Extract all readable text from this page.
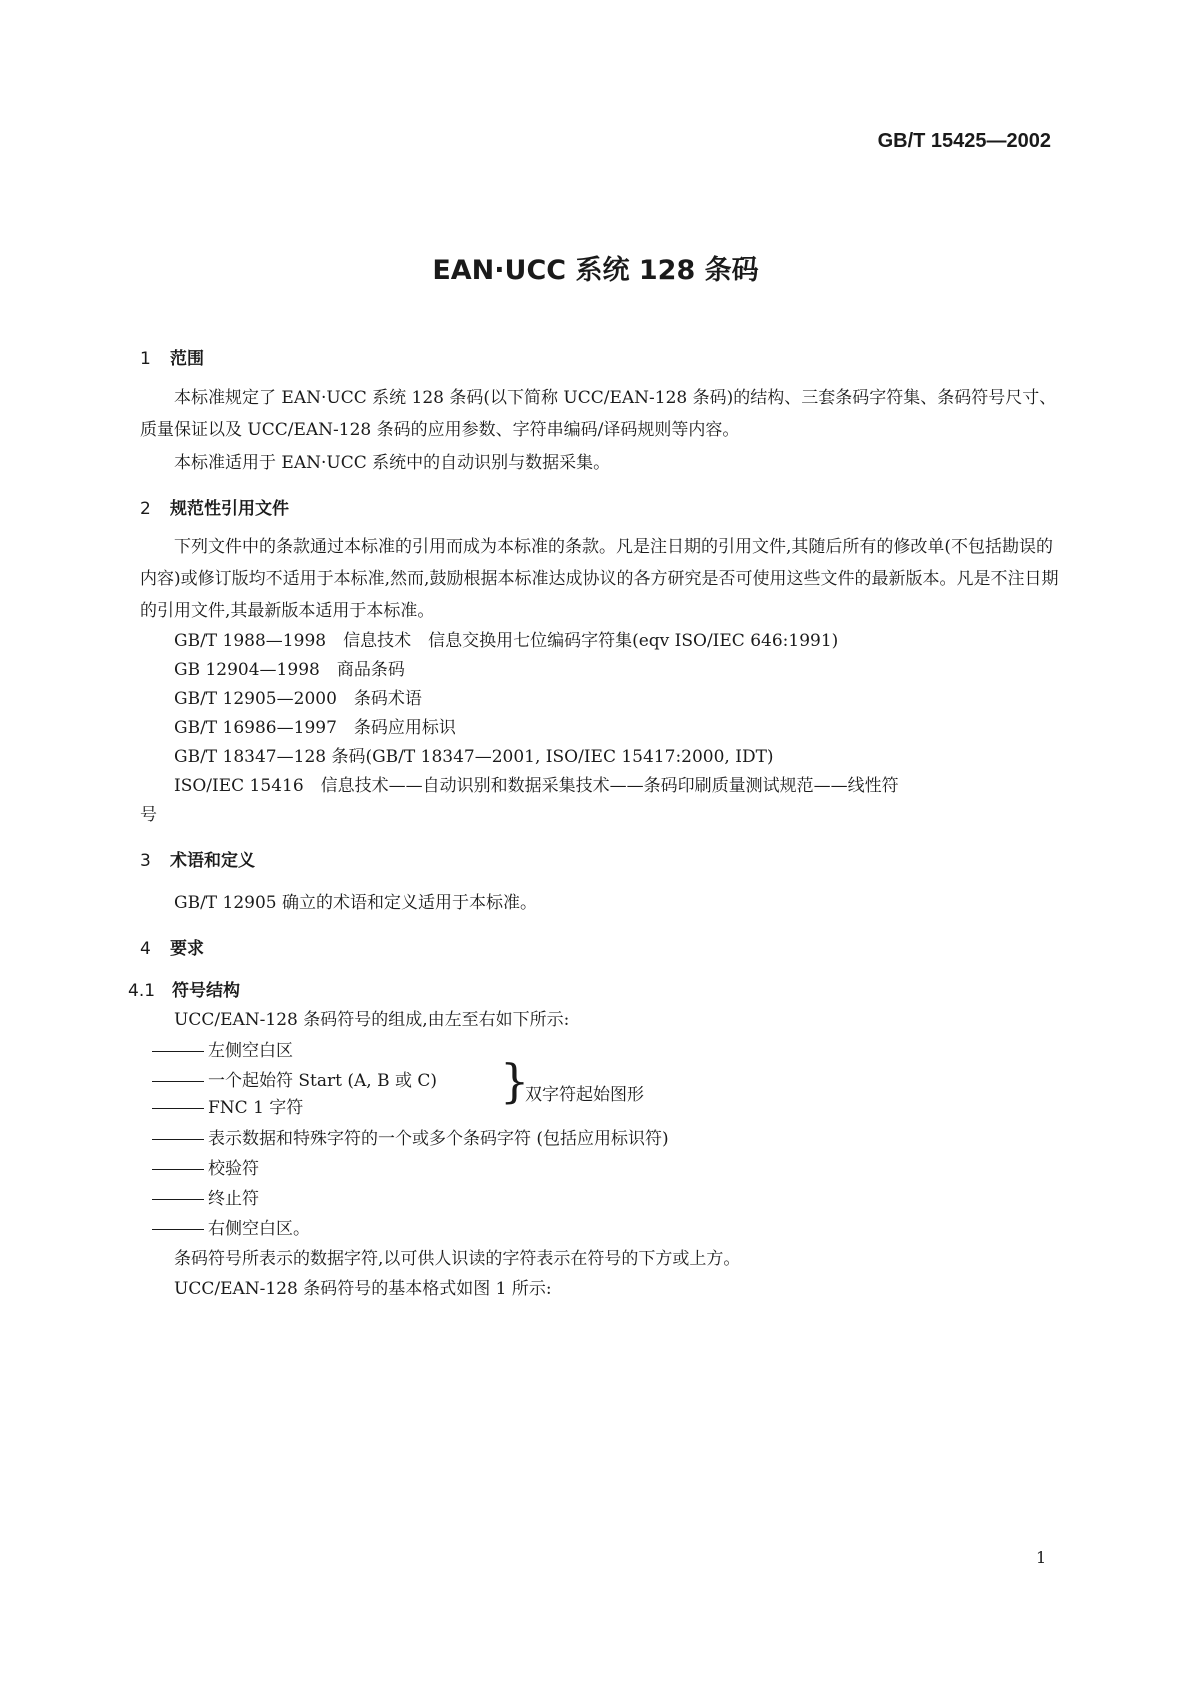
GB/T 15425—2002
EAN·UCC 系统 128 条码
1 范围
本标准规定了 EAN·UCC 系统 128 条码(以下简称 UCC/EAN-128 条码)的结构、三套条码字符集、条码符号尺寸、质量保证以及 UCC/EAN-128 条码的应用参数、字符串编码/译码规则等内容。
本标准适用于 EAN·UCC 系统中的自动识别与数据采集。
2 规范性引用文件
下列文件中的条款通过本标准的引用而成为本标准的条款。凡是注日期的引用文件,其随后所有的修改单(不包括勘误的内容)或修订版均不适用于本标准,然而,鼓励根据本标准达成协议的各方研究是否可使用这些文件的最新版本。凡是不注日期的引用文件,其最新版本适用于本标准。
GB/T 1988—1998　信息技术　信息交换用七位编码字符集(eqv ISO/IEC 646:1991)
GB 12904—1998　商品条码
GB/T 12905—2000　条码术语
GB/T 16986—1997　条码应用标识
GB/T 18347—128 条码(GB/T 18347—2001, ISO/IEC 15417:2000, IDT)
ISO/IEC 15416　信息技术——自动识别和数据采集技术——条码印刷质量测试规范——线性符
号
3 术语和定义
GB/T 12905 确立的术语和定义适用于本标准。
4 要求
4.1 符号结构
UCC/EAN-128 条码符号的组成,由左至右如下所示:
左侧空白区
一个起始符 Start (A, B 或 C)
FNC 1 字符	}
双字符起始图形
表示数据和特殊字符的一个或多个条码字符 (包括应用标识符)
校验符
终止符
右侧空白区。
条码符号所表示的数据字符,以可供人识读的字符表示在符号的下方或上方。
UCC/EAN-128 条码符号的基本格式如图 1 所示:
1
